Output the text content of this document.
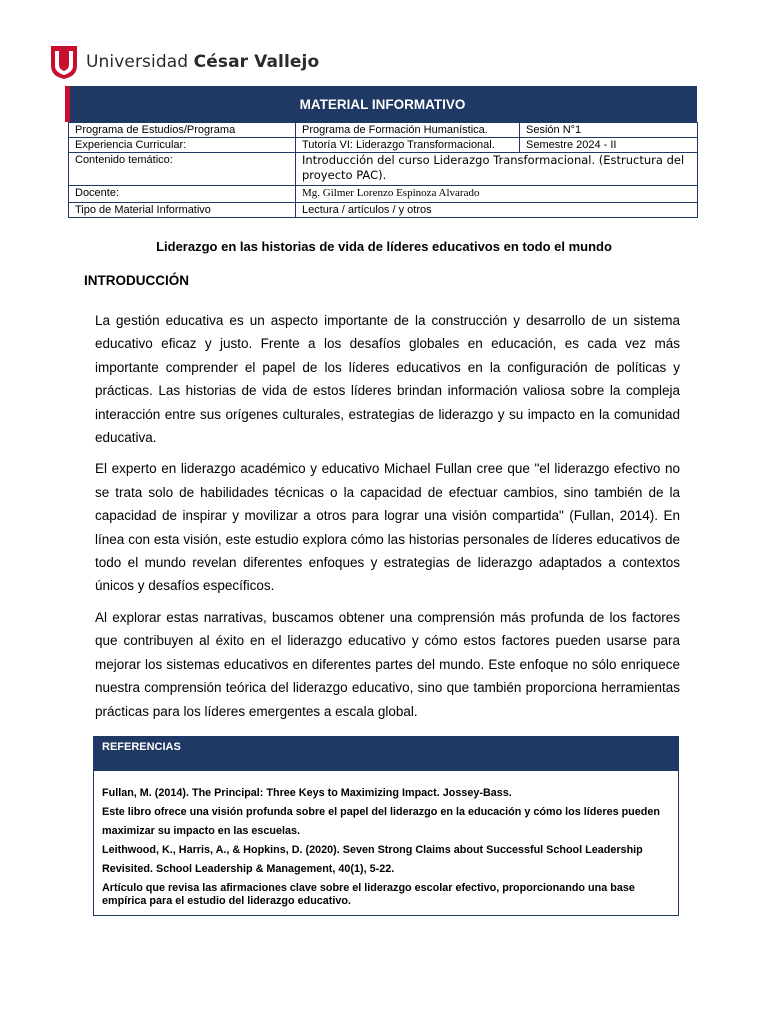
Universidad César Vallejo
MATERIAL INFORMATIVO
Programa de Estudios/Programa	Programa de Formación Humanística.	Sesión N°1
Experiencia Curricular:	Tutoría VI: Liderazgo Transformacional.	Semestre 2024 - II
Contenido temático:	Introducción del curso Liderazgo Transformacional. (Estructura del proyecto PAC).	
Docente:	Mg. Gilmer Lorenzo Espinoza Alvarado	
Tipo de Material Informativo	Lectura / artículos / y otros	
Liderazgo en las historias de vida de líderes educativos en todo el mundo
INTRODUCCIÓN

La gestión educativa es un aspecto importante de la construcción y desarrollo de un sistema educativo eficaz y justo. Frente a los desafíos globales en educación, es cada vez más importante comprender el papel de los líderes educativos en la configuración de políticas y prácticas. Las historias de vida de estos líderes brindan información valiosa sobre la compleja interacción entre sus orígenes culturales, estrategias de liderazgo y su impacto en la comunidad educativa.

El experto en liderazgo académico y educativo Michael Fullan cree que "el liderazgo efectivo no se trata solo de habilidades técnicas o la capacidad de efectuar cambios, sino también de la capacidad de inspirar y movilizar a otros para lograr una visión compartida" (Fullan, 2014). En línea con esta visión, este estudio explora cómo las historias personales de líderes educativos de todo el mundo revelan diferentes enfoques y estrategias de liderazgo adaptados a contextos únicos y desafíos específicos.

Al explorar estas narrativas, buscamos obtener una comprensión más profunda de los factores que contribuyen al éxito en el liderazgo educativo y cómo estos factores pueden usarse para mejorar los sistemas educativos en diferentes partes del mundo. Este enfoque no sólo enriquece nuestra comprensión teórica del liderazgo educativo, sino que también proporciona herramientas prácticas para los líderes emergentes a escala global.

REFERENCIAS
Fullan, M. (2014). The Principal: Three Keys to Maximizing Impact. Jossey-Bass.
Este libro ofrece una visión profunda sobre el papel del liderazgo en la educación y cómo los líderes pueden maximizar su impacto en las escuelas.
Leithwood, K., Harris, A., & Hopkins, D. (2020). Seven Strong Claims about Successful School Leadership Revisited. School Leadership & Management, 40(1), 5-22.
Artículo que revisa las afirmaciones clave sobre el liderazgo escolar efectivo, proporcionando una base empírica para el estudio del liderazgo educativo.
